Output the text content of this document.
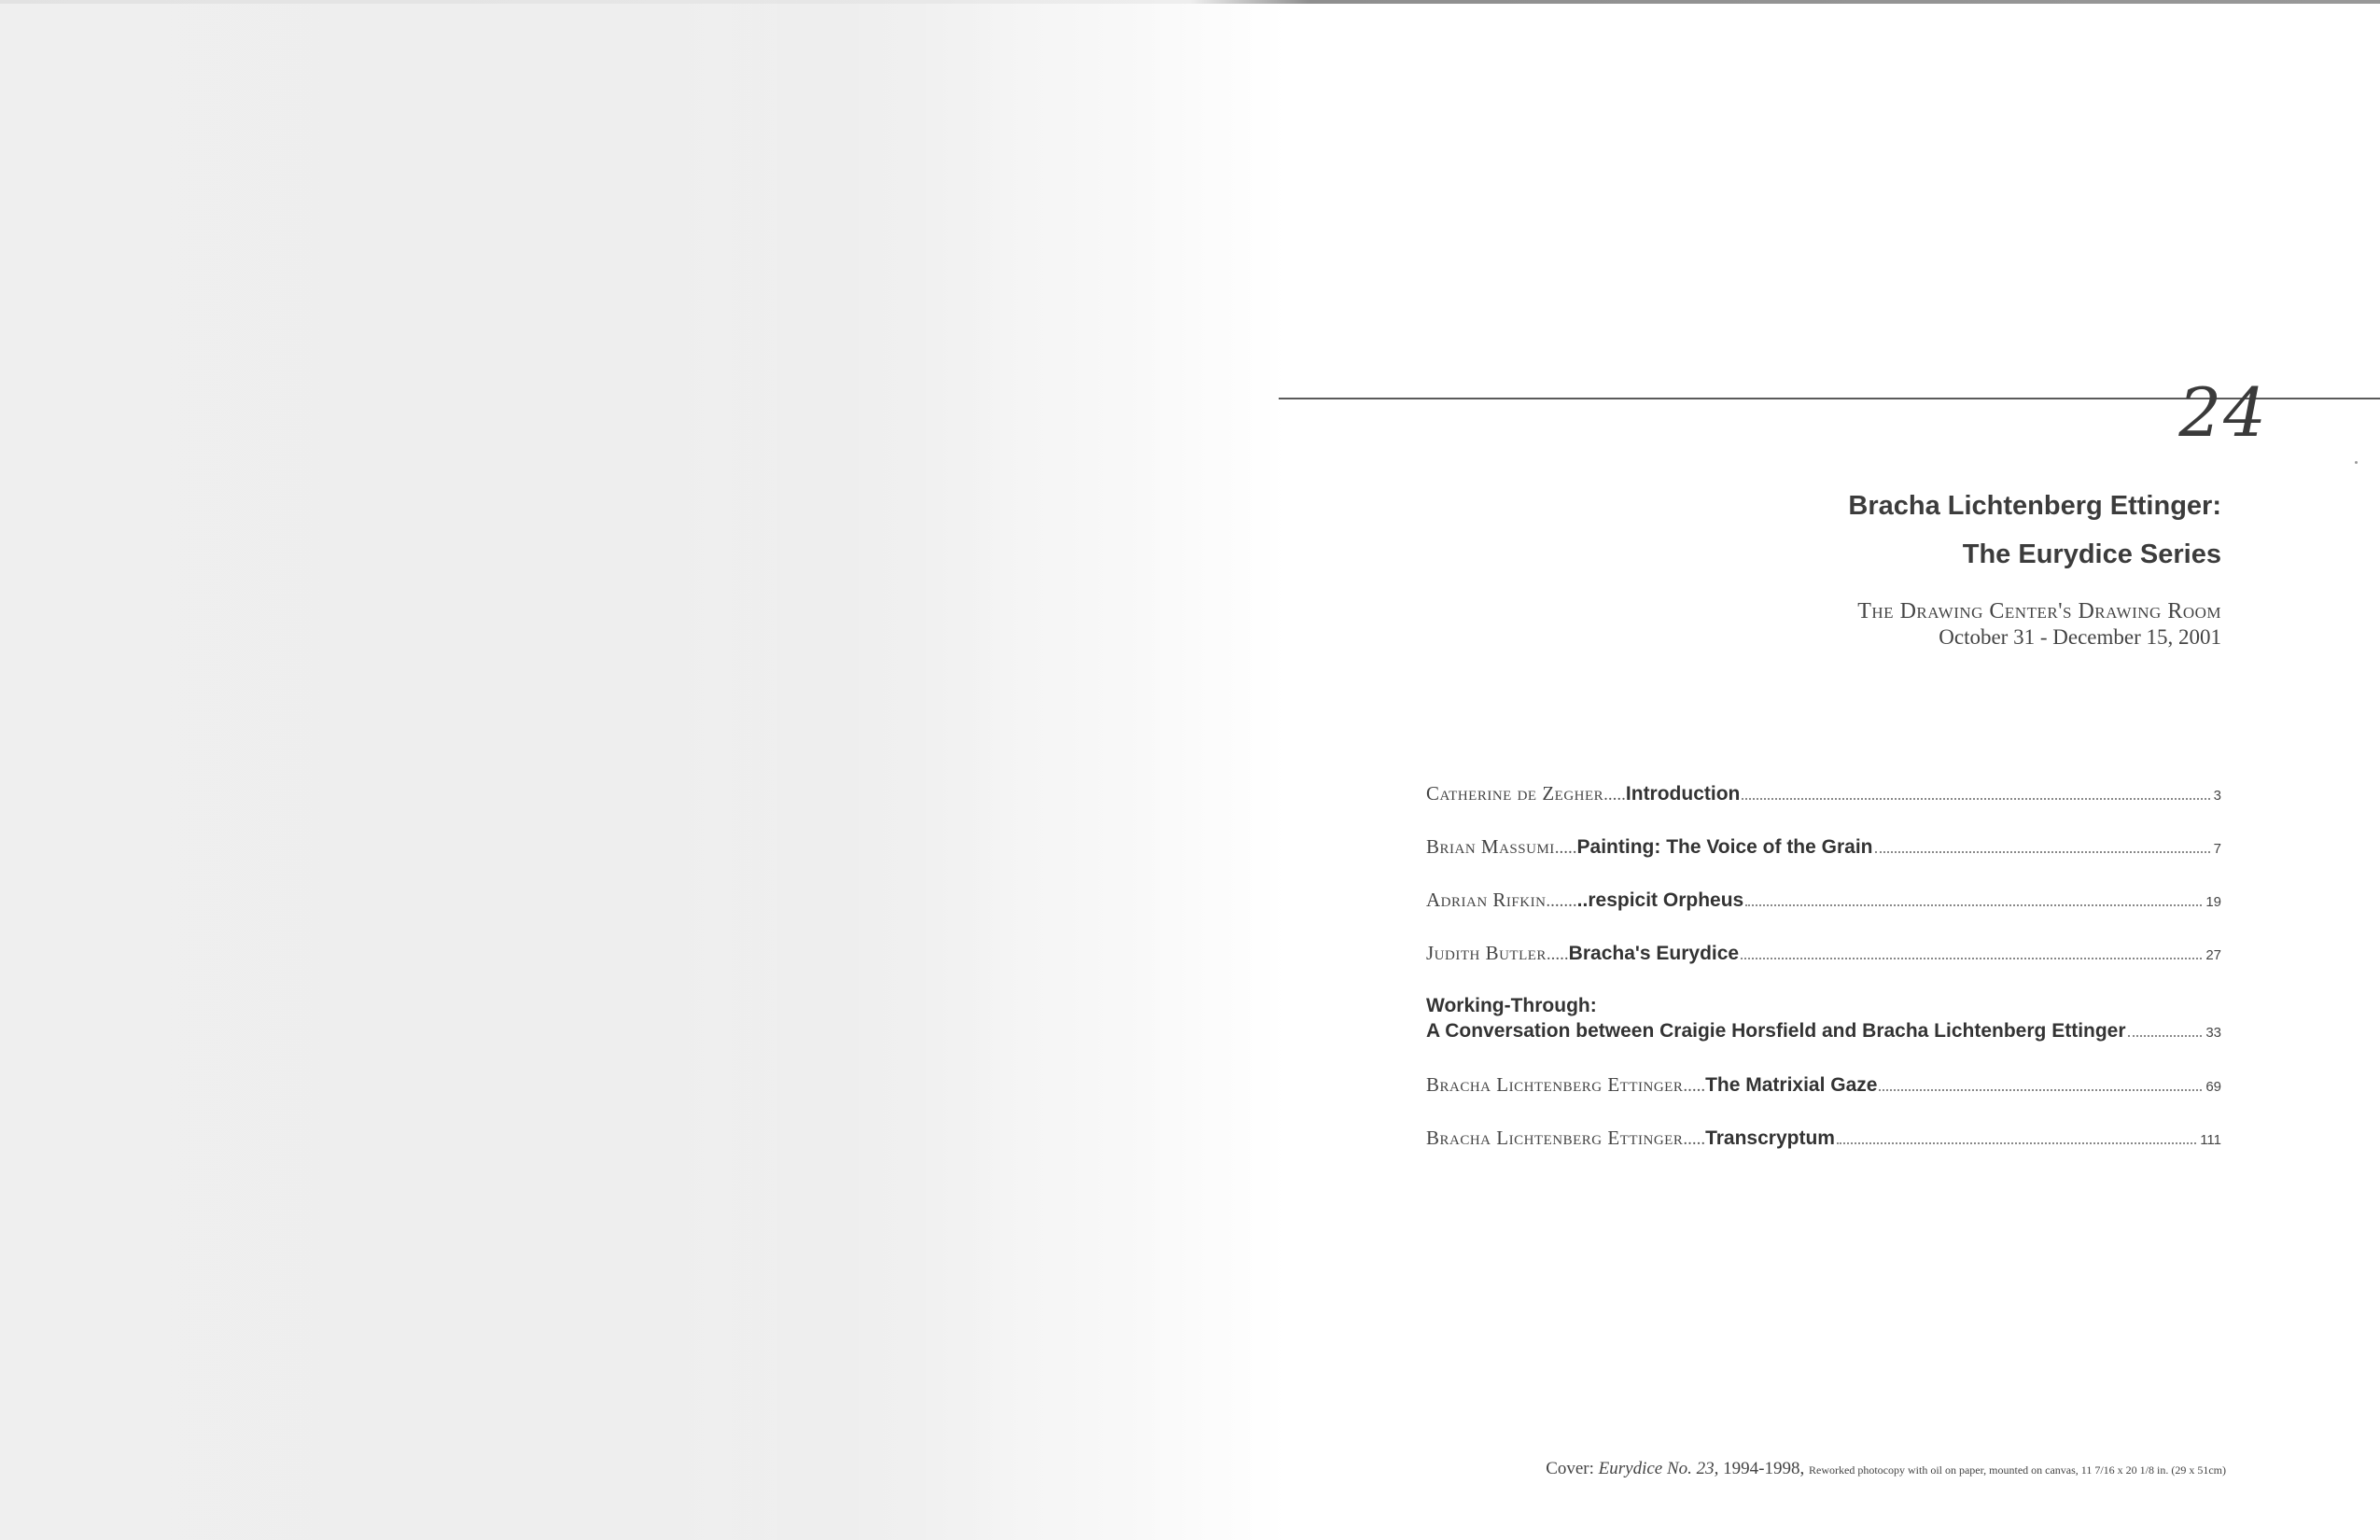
24
Bracha Lichtenberg Ettinger:
The Eurydice Series
The Drawing Center's Drawing Room
October 31 - December 15, 2001
Catherine de Zegher ..... Introduction	3
Brian Massumi ..... Painting: The Voice of the Grain	7
Adrian Rifkin ....... ..respicit Orpheus	19
Judith Butler ..... Bracha's Eurydice	27
Working-Through:
A Conversation between Craigie Horsfield and Bracha Lichtenberg Ettinger	33
Bracha Lichtenberg Ettinger ..... The Matrixial Gaze	69
Bracha Lichtenberg Ettinger ..... Transcryptum	111
Cover: Eurydice No. 23, 1994-1998, Reworked photocopy with oil on paper, mounted on canvas, 11 7/16 x 20 1/8 in. (29 x 51cm)
